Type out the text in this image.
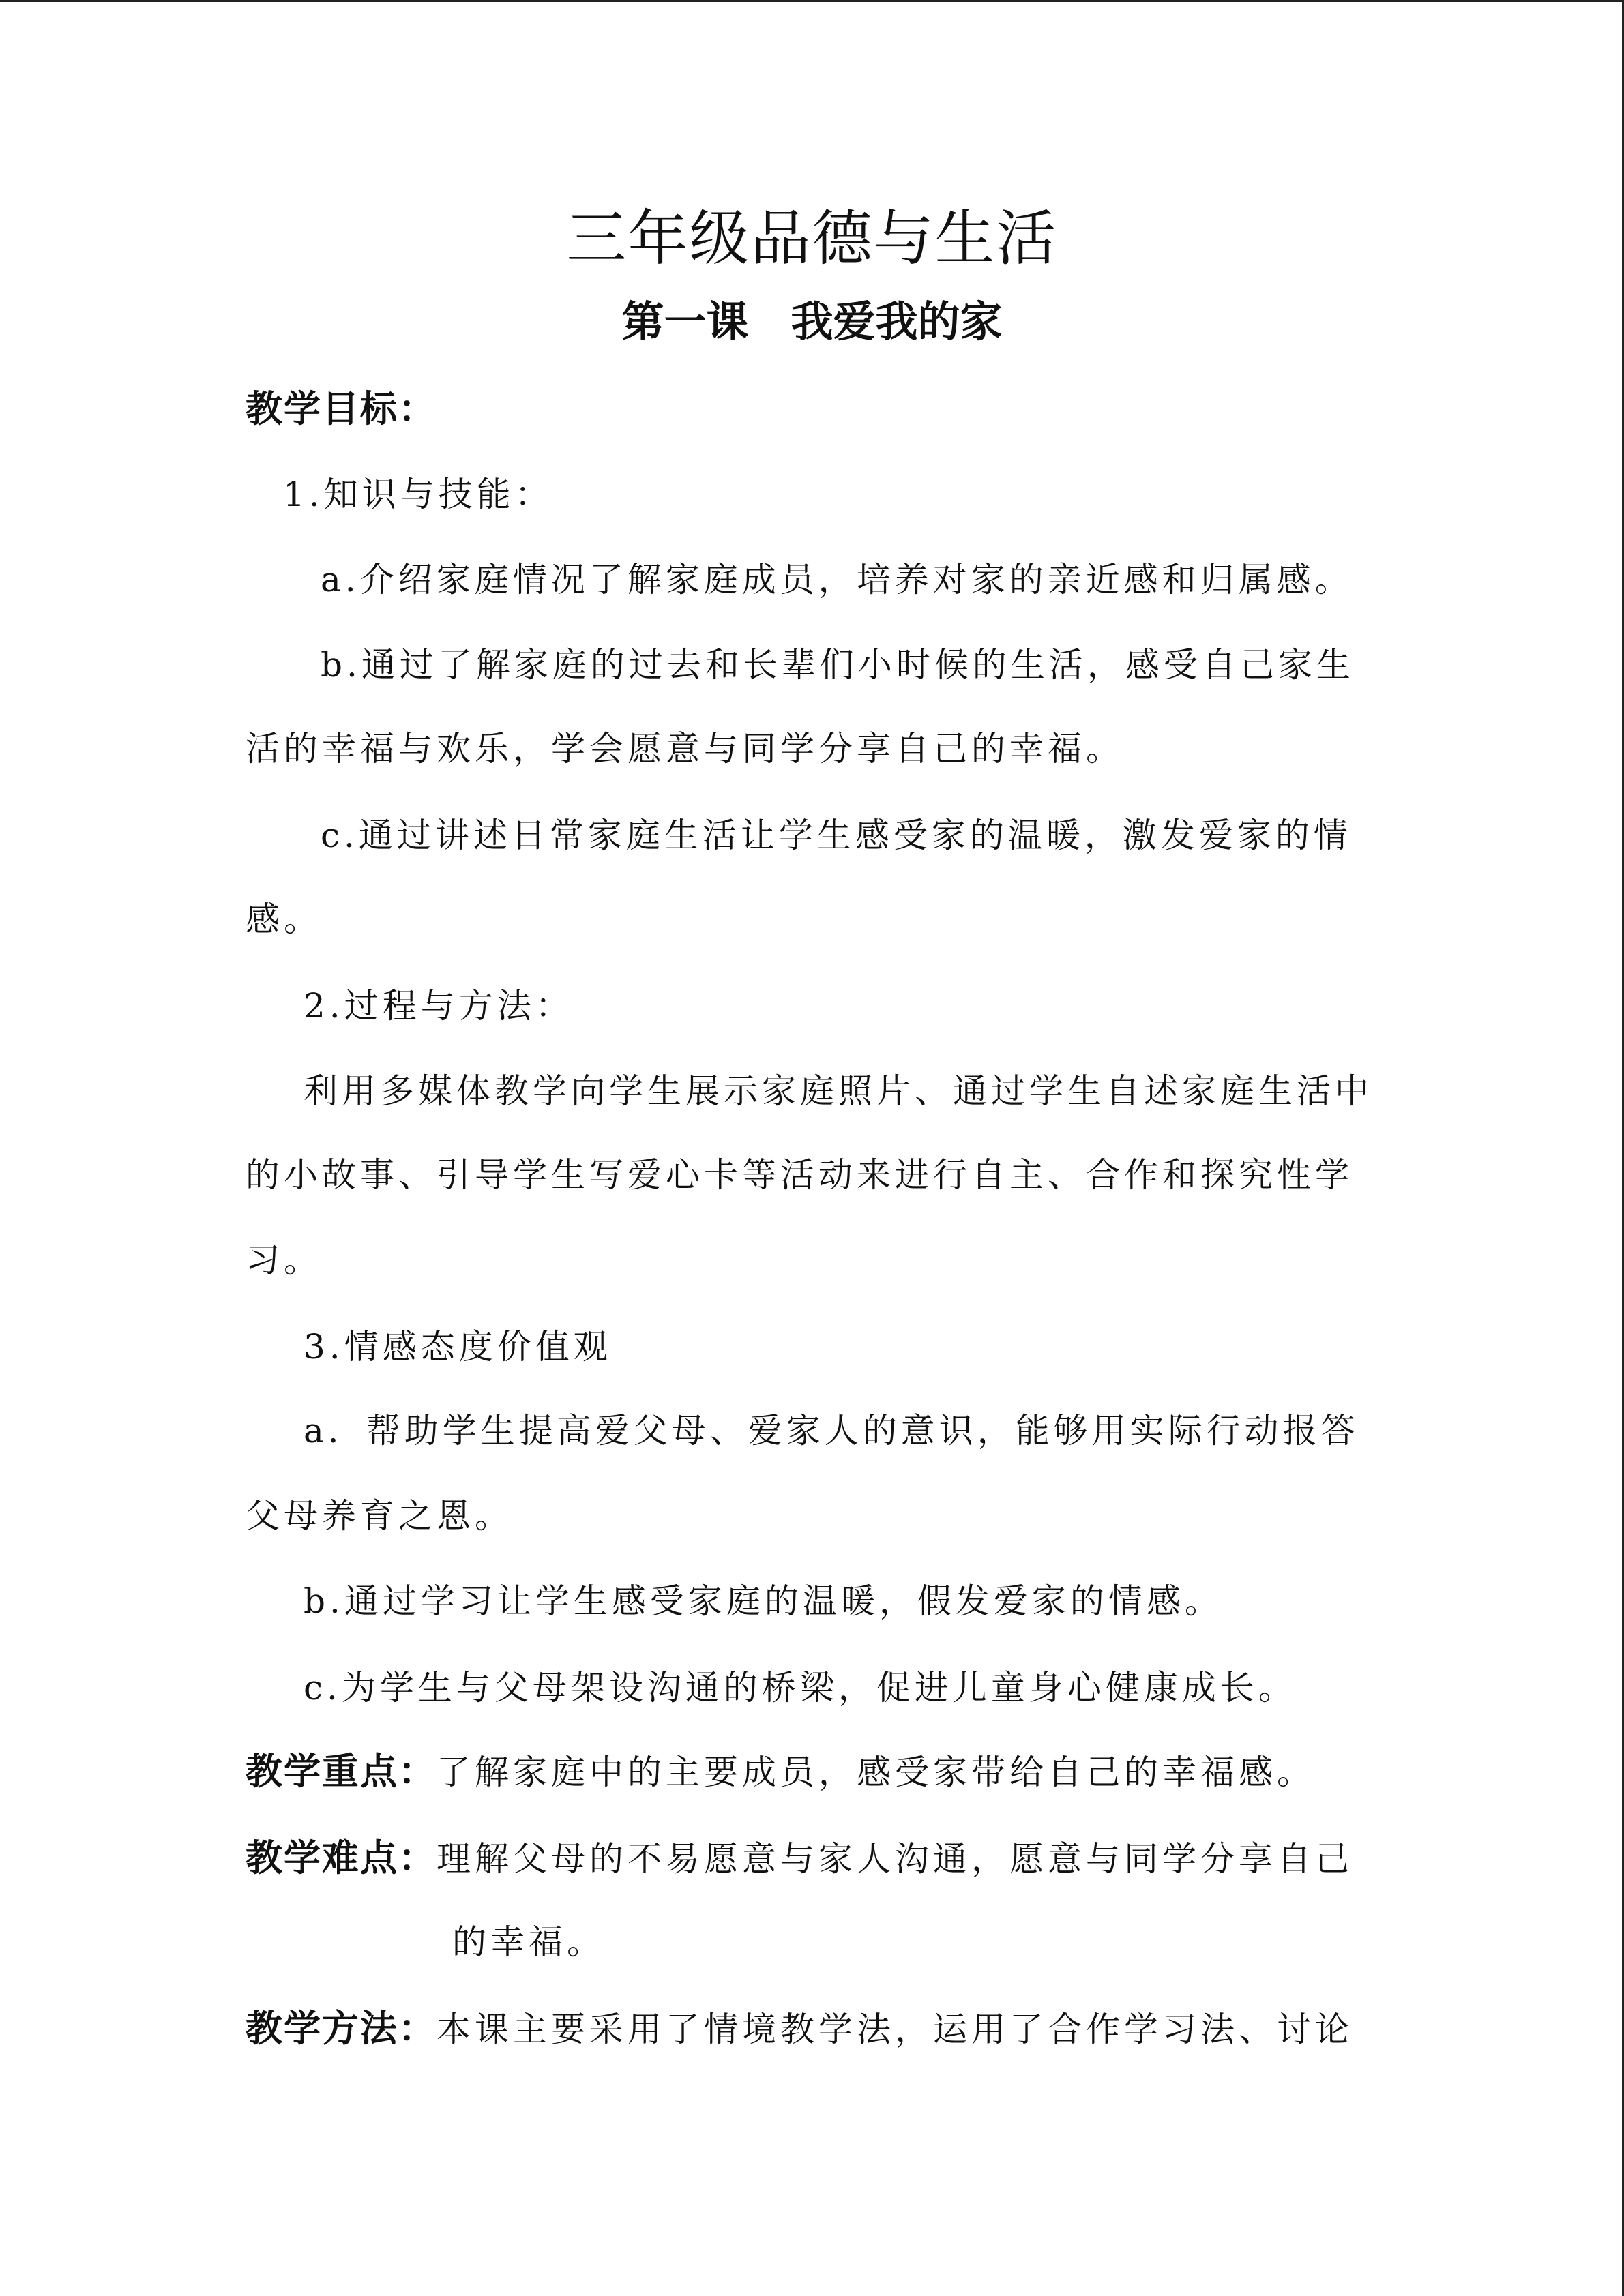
三年级品德与生活
第一课　我爱我的家
教学目标：
1.知识与技能：
a.介绍家庭情况了解家庭成员，培养对家的亲近感和归属感。
b.通过了解家庭的过去和长辈们小时候的生活，感受自己家生
活的幸福与欢乐，学会愿意与同学分享自己的幸福。
c.通过讲述日常家庭生活让学生感受家的温暖，激发爱家的情
感。
2.过程与方法：
利用多媒体教学向学生展示家庭照片、通过学生自述家庭生活中
的小故事、引导学生写爱心卡等活动来进行自主、合作和探究性学
习。
3.情感态度价值观
a．帮助学生提高爱父母、爱家人的意识，能够用实际行动报答
父母养育之恩。
b.通过学习让学生感受家庭的温暖，假发爱家的情感。
c.为学生与父母架设沟通的桥梁，促进儿童身心健康成长。
教学重点：了解家庭中的主要成员，感受家带给自己的幸福感。
教学难点：理解父母的不易愿意与家人沟通，愿意与同学分享自己
的幸福。
教学方法：本课主要采用了情境教学法，运用了合作学习法、讨论
